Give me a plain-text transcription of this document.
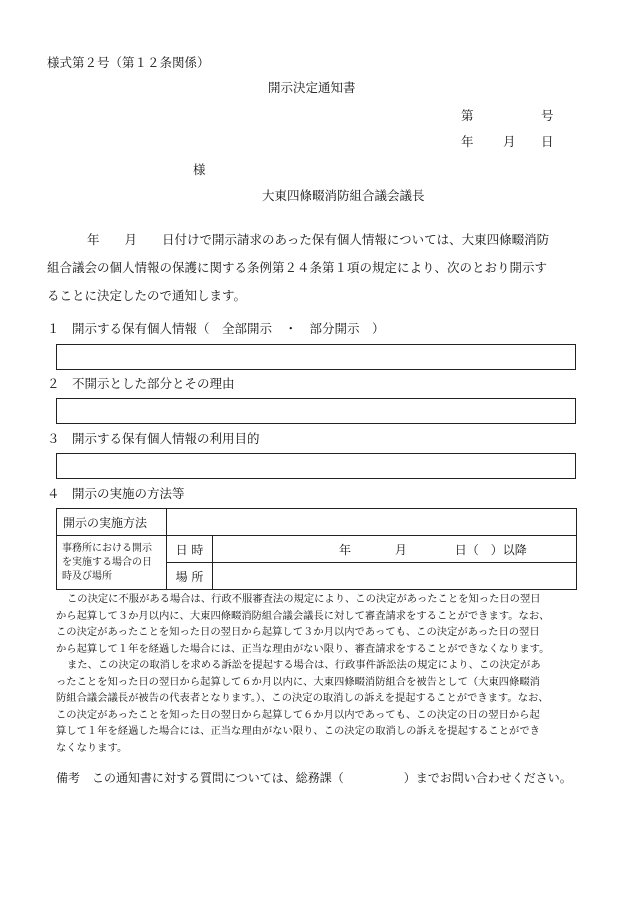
様式第２号（第１２条関係）
開示決定通知書
第	号
年 月 日
様
大東四條畷消防組合議会議長
年　　月　　日付けで開示請求のあった保有個人情報については、大東四條畷消防
組合議会の個人情報の保護に関する条例第２４条第１項の規定により、次のとおり開示す
ることに決定したので通知します。
１　開示する保有個人情報（　全部開示　・　部分開示　）
２　不開示とした部分とその理由
３　開示する保有個人情報の利用目的
４　開示の実施の方法等
開示の実施方法		
事務所における開示を実施する場合の日時及び場所	日 時	年 月 日（　）以降
	場 所	
この決定に不服がある場合は、行政不服審査法の規定により、この決定があったことを知った日の翌日
から起算して３か月以内に、大東四條畷消防組合議会議長に対して審査請求をすることができます。なお、
この決定があったことを知った日の翌日から起算して３か月以内であっても、この決定があった日の翌日
から起算して１年を経過した場合には、正当な理由がない限り、審査請求をすることができなくなります。
また、この決定の取消しを求める訴訟を提起する場合は、行政事件訴訟法の規定により、この決定があ
ったことを知った日の翌日から起算して６か月以内に、大東四條畷消防組合を被告として（大東四條畷消
防組合議会議長が被告の代表者となります。）、この決定の取消しの訴えを提起することができます。なお、
この決定があったことを知った日の翌日から起算して６か月以内であっても、この決定の日の翌日から起
算して１年を経過した場合には、正当な理由がない限り、この決定の取消しの訴えを提起することができ
なくなります。
備考　この通知書に対する質問については、総務課（　　　　　）までお問い合わせください。
